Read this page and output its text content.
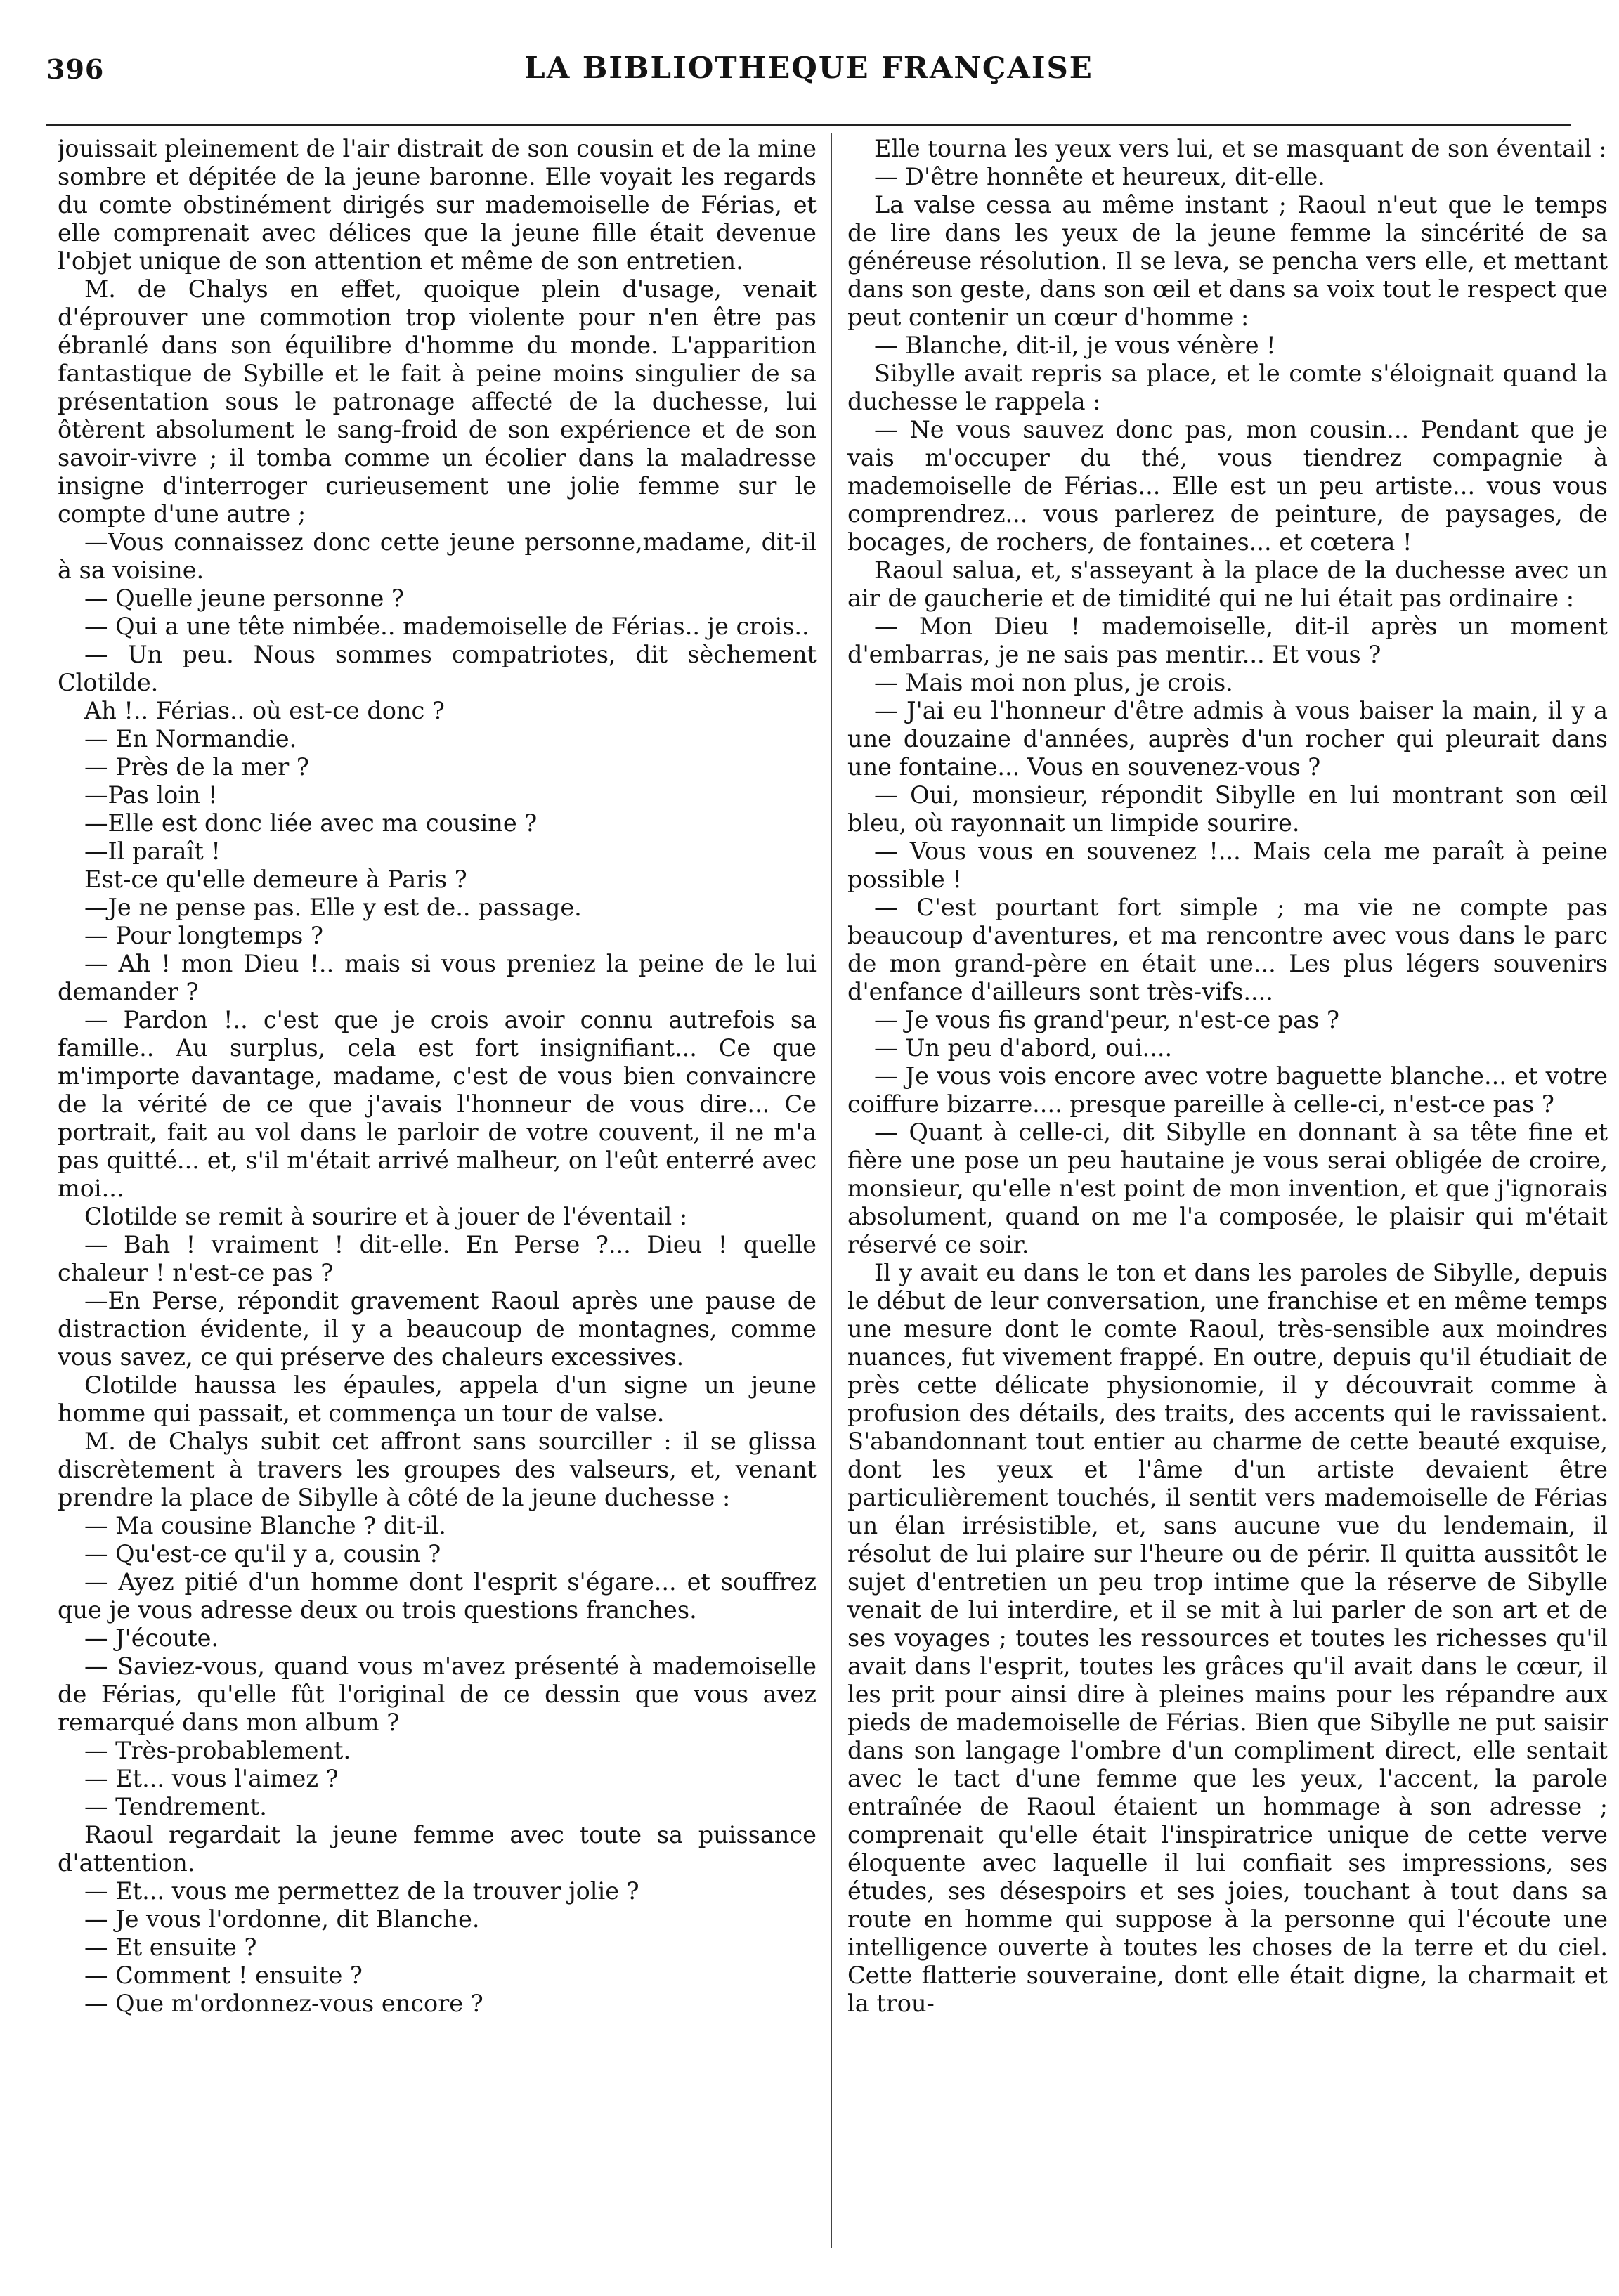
396	LA BIBLIOTHEQUE FRANÇAISE

jouissait pleinement de l'air distrait de son cousin et de la mine sombre et dépitée de la jeune baronne. Elle voyait les regards du comte obstinément dirigés sur mademoiselle de Férias, et elle comprenait avec délices que la jeune fille était devenue l'objet unique de son attention et même de son entretien.

M. de Chalys en effet, quoique plein d'usage, venait d'éprouver une commotion trop violente pour n'en être pas ébranlé dans son équilibre d'homme du monde. L'apparition fantastique de Sybille et le fait à peine moins singulier de sa présentation sous le patronage affecté de la duchesse, lui ôtèrent absolument le sang-froid de son expérience et de son savoir-vivre ; il tomba comme un écolier dans la maladresse insigne d'interroger curieusement une jolie femme sur le compte d'une autre ;

—Vous connaissez donc cette jeune personne,madame, dit-il à sa voisine.

— Quelle jeune personne ?

— Qui a une tête nimbée.. mademoiselle de Férias.. je crois..

— Un peu. Nous sommes compatriotes, dit sèchement Clotilde.

Ah !.. Férias.. où est-ce donc ?

— En Normandie.

— Près de la mer ?

—Pas loin !

—Elle est donc liée avec ma cousine ?

—Il paraît !

Est-ce qu'elle demeure à Paris ?

—Je ne pense pas. Elle y est de.. passage.

— Pour longtemps ?

— Ah ! mon Dieu !.. mais si vous preniez la peine de le lui demander ?

— Pardon !.. c'est que je crois avoir connu autrefois sa famille.. Au surplus, cela est fort insignifiant... Ce que m'importe davantage, madame, c'est de vous bien convaincre de la vérité de ce que j'avais l'honneur de vous dire... Ce portrait, fait au vol dans le parloir de votre couvent, il ne m'a pas quitté... et, s'il m'était arrivé malheur, on l'eût enterré avec moi...

Clotilde se remit à sourire et à jouer de l'éventail :

— Bah ! vraiment ! dit-elle. En Perse ?... Dieu ! quelle chaleur ! n'est-ce pas ?

—En Perse, répondit gravement Raoul après une pause de distraction évidente, il y a beaucoup de montagnes, comme vous savez, ce qui préserve des chaleurs excessives.

Clotilde haussa les épaules, appela d'un signe un jeune homme qui passait, et commença un tour de valse.

M. de Chalys subit cet affront sans sourciller : il se glissa discrètement à travers les groupes des valseurs, et, venant prendre la place de Sibylle à côté de la jeune duchesse :

— Ma cousine Blanche ? dit-il.

— Qu'est-ce qu'il y a, cousin ?

— Ayez pitié d'un homme dont l'esprit s'égare... et souffrez que je vous adresse deux ou trois questions franches.

— J'écoute.

— Saviez-vous, quand vous m'avez présenté à mademoiselle de Férias, qu'elle fût l'original de ce dessin que vous avez remarqué dans mon album ?

— Très-probablement.

— Et... vous l'aimez ?

— Tendrement.

Raoul regardait la jeune femme avec toute sa puissance d'attention.

— Et... vous me permettez de la trouver jolie ?

— Je vous l'ordonne, dit Blanche.

— Et ensuite ?

— Comment ! ensuite ?

— Que m'ordonnez-vous encore ?

Elle tourna les yeux vers lui, et se masquant de son éventail :

— D'être honnête et heureux, dit-elle.

La valse cessa au même instant ; Raoul n'eut que le temps de lire dans les yeux de la jeune femme la sincérité de sa généreuse résolution. Il se leva, se pencha vers elle, et mettant dans son geste, dans son œil et dans sa voix tout le respect que peut contenir un cœur d'homme :

— Blanche, dit-il, je vous vénère !

Sibylle avait repris sa place, et le comte s'éloignait quand la duchesse le rappela :

— Ne vous sauvez donc pas, mon cousin... Pendant que je vais m'occuper du thé, vous tiendrez compagnie à mademoiselle de Férias... Elle est un peu artiste... vous vous comprendrez... vous parlerez de peinture, de paysages, de bocages, de rochers, de fontaines... et cœtera !

Raoul salua, et, s'asseyant à la place de la duchesse avec un air de gaucherie et de timidité qui ne lui était pas ordinaire :

— Mon Dieu ! mademoiselle, dit-il après un moment d'embarras, je ne sais pas mentir... Et vous ?

— Mais moi non plus, je crois.

— J'ai eu l'honneur d'être admis à vous baiser la main, il y a une douzaine d'années, auprès d'un rocher qui pleurait dans une fontaine... Vous en souvenez-vous ?

— Oui, monsieur, répondit Sibylle en lui montrant son œil bleu, où rayonnait un limpide sourire.

— Vous vous en souvenez !... Mais cela me paraît à peine possible !

— C'est pourtant fort simple ; ma vie ne compte pas beaucoup d'aventures, et ma rencontre avec vous dans le parc de mon grand-père en était une... Les plus légers souvenirs d'enfance d'ailleurs sont très-vifs....

— Je vous fis grand'peur, n'est-ce pas ?

— Un peu d'abord, oui....

— Je vous vois encore avec votre baguette blanche... et votre coiffure bizarre.... presque pareille à celle-ci, n'est-ce pas ?

— Quant à celle-ci, dit Sibylle en donnant à sa tête fine et fière une pose un peu hautaine je vous serai obligée de croire, monsieur, qu'elle n'est point de mon invention, et que j'ignorais absolument, quand on me l'a composée, le plaisir qui m'était réservé ce soir.

Il y avait eu dans le ton et dans les paroles de Sibylle, depuis le début de leur conversation, une franchise et en même temps une mesure dont le comte Raoul, très-sensible aux moindres nuances, fut vivement frappé. En outre, depuis qu'il étudiait de près cette délicate physionomie, il y découvrait comme à profusion des détails, des traits, des accents qui le ravissaient. S'abandonnant tout entier au charme de cette beauté exquise, dont les yeux et l'âme d'un artiste devaient être particulièrement touchés, il sentit vers mademoiselle de Férias un élan irrésistible, et, sans aucune vue du lendemain, il résolut de lui plaire sur l'heure ou de périr. Il quitta aussitôt le sujet d'entretien un peu trop intime que la réserve de Sibylle venait de lui interdire, et il se mit à lui parler de son art et de ses voyages ; toutes les ressources et toutes les richesses qu'il avait dans l'esprit, toutes les grâces qu'il avait dans le cœur, il les prit pour ainsi dire à pleines mains pour les répandre aux pieds de mademoiselle de Férias. Bien que Sibylle ne put saisir dans son langage l'ombre d'un compliment direct, elle sentait avec le tact d'une femme que les yeux, l'accent, la parole entraînée de Raoul étaient un hommage à son adresse ; comprenait qu'elle était l'inspiratrice unique de cette verve éloquente avec laquelle il lui confiait ses impressions, ses études, ses désespoirs et ses joies, touchant à tout dans sa route en homme qui suppose à la personne qui l'écoute une intelligence ouverte à toutes les choses de la terre et du ciel. Cette flatterie souveraine, dont elle était digne, la charmait et la trou-
